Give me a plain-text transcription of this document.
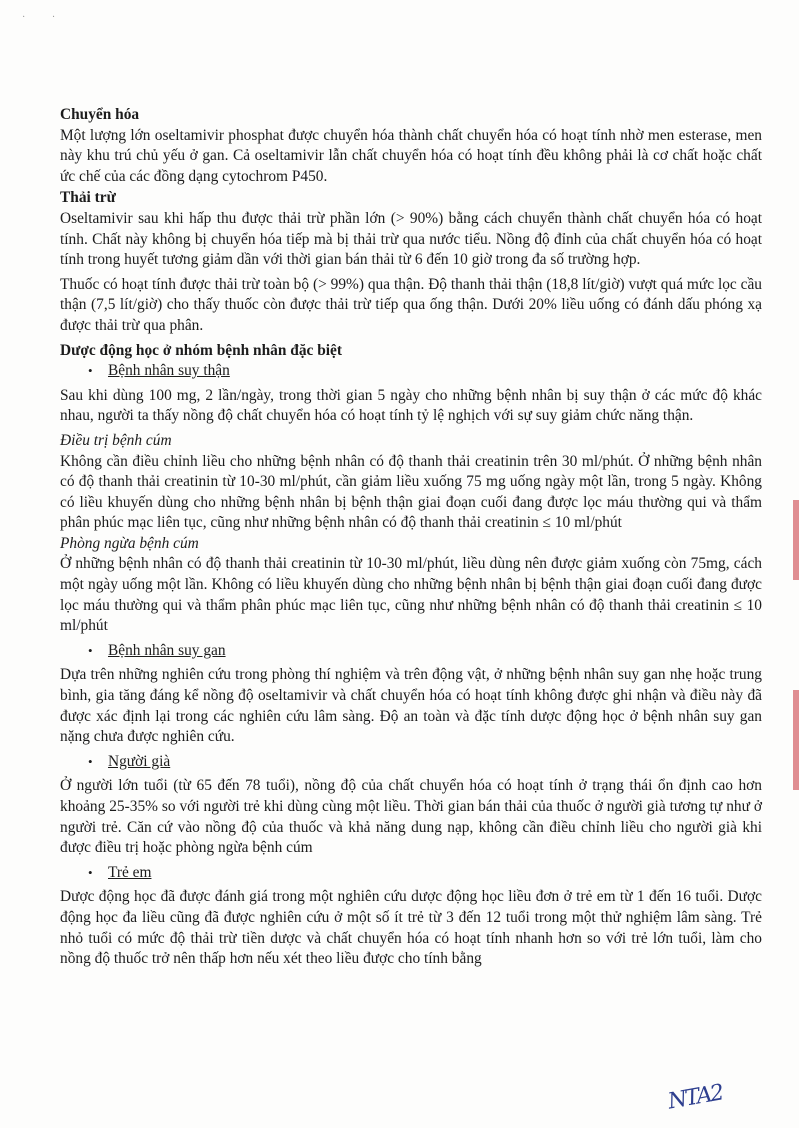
· ·

Chuyển hóa

Một lượng lớn oseltamivir phosphat được chuyển hóa thành chất chuyển hóa có hoạt tính nhờ men esterase, men này khu trú chủ yếu ở gan. Cả oseltamivir lẫn chất chuyển hóa có hoạt tính đều không phải là cơ chất hoặc chất ức chế của các đồng dạng cytochrom P450.

Thải trừ

Oseltamivir sau khi hấp thu được thải trừ phần lớn (> 90%) bằng cách chuyển thành chất chuyển hóa có hoạt tính. Chất này không bị chuyển hóa tiếp mà bị thải trừ qua nước tiểu. Nồng độ đỉnh của chất chuyển hóa có hoạt tính trong huyết tương giảm dần với thời gian bán thải từ 6 đến 10 giờ trong đa số trường hợp.

Thuốc có hoạt tính được thải trừ toàn bộ (> 99%) qua thận. Độ thanh thải thận (18,8 lít/giờ) vượt quá mức lọc cầu thận (7,5 lít/giờ) cho thấy thuốc còn được thải trừ tiếp qua ống thận. Dưới 20% liều uống có đánh dấu phóng xạ được thải trừ qua phân.

Dược động học ở nhóm bệnh nhân đặc biệt

•	Bệnh nhân suy thận

Sau khi dùng 100 mg, 2 lần/ngày, trong thời gian 5 ngày cho những bệnh nhân bị suy thận ở các mức độ khác nhau, người ta thấy nồng độ chất chuyển hóa có hoạt tính tỷ lệ nghịch với sự suy giảm chức năng thận.

Điều trị bệnh cúm

Không cần điều chỉnh liều cho những bệnh nhân có độ thanh thải creatinin trên 30 ml/phút. Ở những bệnh nhân có độ thanh thải creatinin từ 10-30 ml/phút, cần giảm liều xuống 75 mg uống ngày một lần, trong 5 ngày. Không có liều khuyến dùng cho những bệnh nhân bị bệnh thận giai đoạn cuối đang được lọc máu thường qui và thẩm phân phúc mạc liên tục, cũng như những bệnh nhân có độ thanh thải creatinin ≤ 10 ml/phút

Phòng ngừa bệnh cúm

Ở những bệnh nhân có độ thanh thải creatinin từ 10-30 ml/phút, liều dùng nên được giảm xuống còn 75mg, cách một ngày uống một lần. Không có liều khuyến dùng cho những bệnh nhân bị bệnh thận giai đoạn cuối đang được lọc máu thường qui và thẩm phân phúc mạc liên tục, cũng như những bệnh nhân có độ thanh thải creatinin ≤ 10 ml/phút

•	Bệnh nhân suy gan

Dựa trên những nghiên cứu trong phòng thí nghiệm và trên động vật, ở những bệnh nhân suy gan nhẹ hoặc trung bình, gia tăng đáng kể nồng độ oseltamivir và chất chuyển hóa có hoạt tính không được ghi nhận và điều này đã được xác định lại trong các nghiên cứu lâm sàng. Độ an toàn và đặc tính dược động học ở bệnh nhân suy gan nặng chưa được nghiên cứu.

•	Người già

Ở người lớn tuổi (từ 65 đến 78 tuổi), nồng độ của chất chuyển hóa có hoạt tính ở trạng thái ổn định cao hơn khoảng 25-35% so với người trẻ khi dùng cùng một liều. Thời gian bán thải của thuốc ở người già tương tự như ở người trẻ. Căn cứ vào nồng độ của thuốc và khả năng dung nạp, không cần điều chỉnh liều cho người già khi được điều trị hoặc phòng ngừa bệnh cúm

•	Trẻ em

Dược động học đã được đánh giá trong một nghiên cứu dược động học liều đơn ở trẻ em từ 1 đến 16 tuổi. Dược động học đa liều cũng đã được nghiên cứu ở một số ít trẻ từ 3 đến 12 tuổi trong một thử nghiệm lâm sàng. Trẻ nhỏ tuổi có mức độ thải trừ tiền dược và chất chuyển hóa có hoạt tính nhanh hơn so với trẻ lớn tuổi, làm cho nồng độ thuốc trở nên thấp hơn nếu xét theo liều được cho tính bằng

NTA2
